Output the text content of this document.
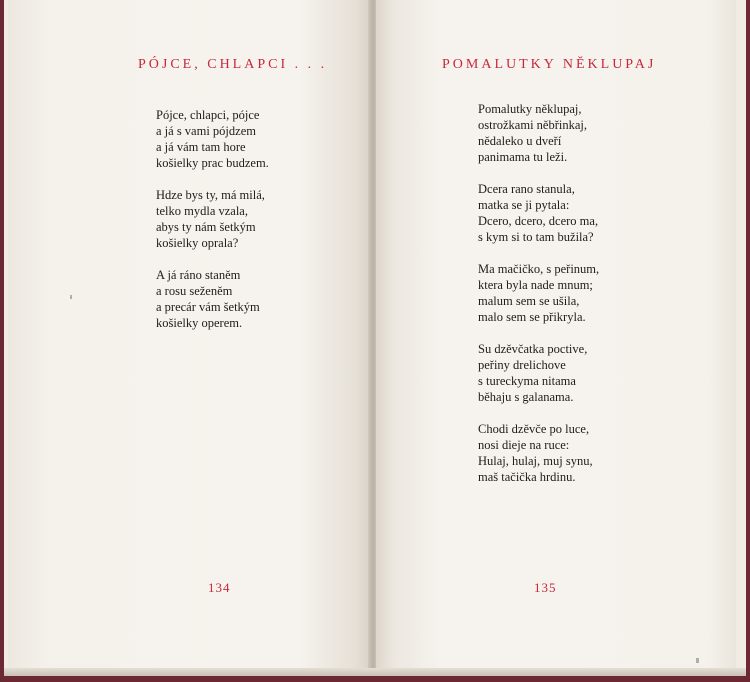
PÓJCE, CHLAPCI . . .
Pójce, chlapci, pójce
a já s vami pójdzem
a já vám tam hore
košielky prac budzem.
Hdze bys ty, má milá,
telko mydla vzala,
abys ty nám šetkým
košielky oprala?
A já ráno staněm
a rosu seženěm
a precár vám šetkým
košielky operem.
134
POMALUTKY NĚKLUPAJ
Pomalutky něklupaj,
ostrožkami něbřinkaj,
nědaleko u dveří
panimama tu leži.
Dcera rano stanula,
matka se ji pytala:
Dcero, dcero, dcero ma,
s kym si to tam bužila?
Ma mačičko, s peřinum,
ktera byla nade mnum;
malum sem se ušila,
malo sem se přikryla.
Su dzěvčatka poctive,
peřiny drelichove
s tureckyma nitama
běhaju s galanama.
Chodi dzěvče po luce,
nosi dieje na ruce:
Hulaj, hulaj, muj synu,
maš tačička hrdinu.
135
